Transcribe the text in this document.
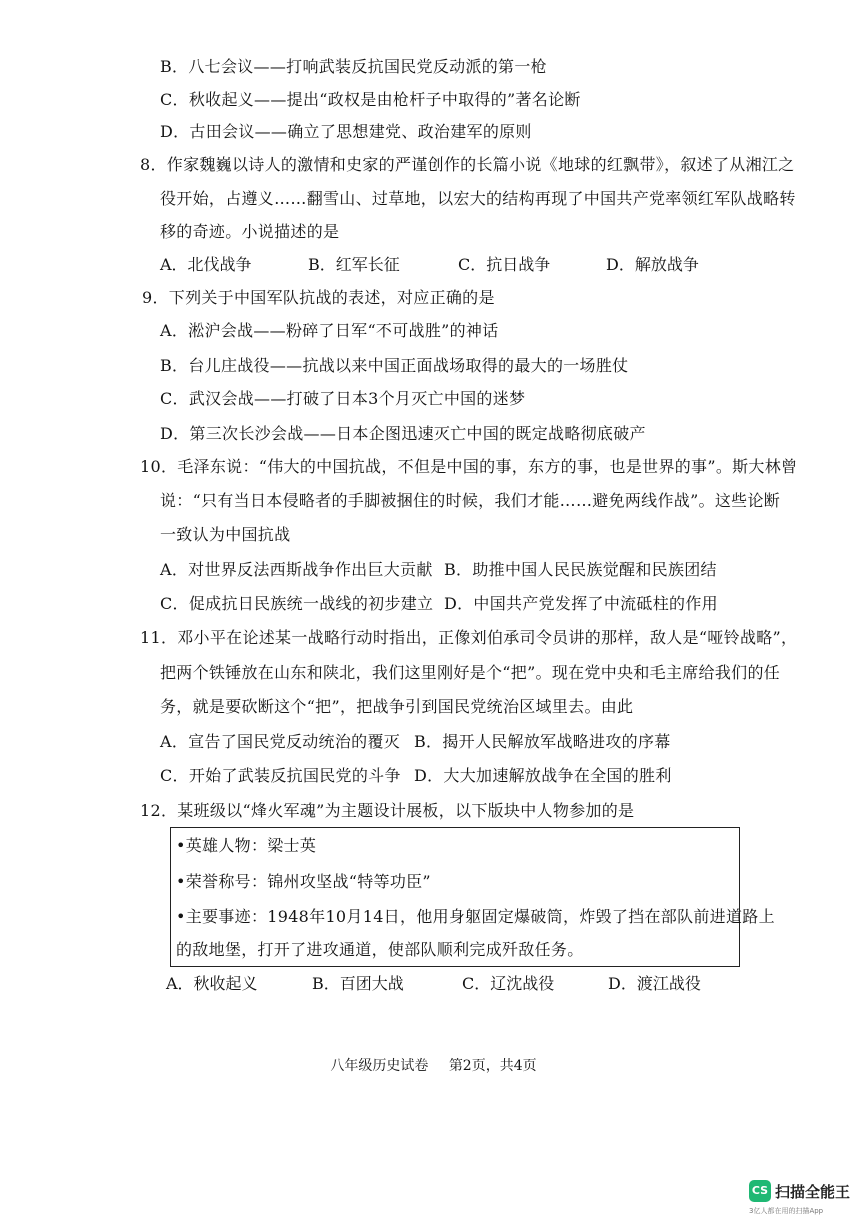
B．八七会议——打响武装反抗国民党反动派的第一枪
C．秋收起义——提出“政权是由枪杆子中取得的”著名论断
D．古田会议——确立了思想建党、政治建军的原则
8．作家魏巍以诗人的激情和史家的严谨创作的长篇小说《地球的红飘带》，叙述了从湘江之
役开始，占遵义……翻雪山、过草地，以宏大的结构再现了中国共产党率领红军队战略转
移的奇迹。小说描述的是
A．北伐战争	B．红军长征	C．抗日战争	D．解放战争
9．下列关于中国军队抗战的表述，对应正确的是
A．淞沪会战——粉碎了日军“不可战胜”的神话
B．台儿庄战役——抗战以来中国正面战场取得的最大的一场胜仗
C．武汉会战——打破了日本3个月灭亡中国的迷梦
D．第三次长沙会战——日本企图迅速灭亡中国的既定战略彻底破产
10．毛泽东说：“伟大的中国抗战，不但是中国的事，东方的事，也是世界的事”。斯大林曾
说：“只有当日本侵略者的手脚被捆住的时候，我们才能……避免两线作战”。这些论断
一致认为中国抗战
A．对世界反法西斯战争作出巨大贡献 B．助推中国人民民族觉醒和民族团结
C．促成抗日民族统一战线的初步建立 D．中国共产党发挥了中流砥柱的作用
11．邓小平在论述某一战略行动时指出，正像刘伯承司令员讲的那样，敌人是“哑铃战略”，
把两个铁锤放在山东和陕北，我们这里刚好是个“把”。现在党中央和毛主席给我们的任
务，就是要砍断这个“把”，把战争引到国民党统治区域里去。由此
A．宣告了国民党反动统治的覆灭 B．揭开人民解放军战略进攻的序幕
C．开始了武装反抗国民党的斗争 D．大大加速解放战争在全国的胜利
12．某班级以“烽火军魂”为主题设计展板，以下版块中人物参加的是
•英雄人物：梁士英
•荣誉称号：锦州攻坚战“特等功臣”
•主要事迹：1948年10月14日，他用身躯固定爆破筒，炸毁了挡在部队前进道路上
的敌地堡，打开了进攻通道，使部队顺利完成歼敌任务。
A．秋收起义	B．百团大战	C．辽沈战役	D．渡江战役
八年级历史试卷 第2页，共4页
CS 扫描全能王
3亿人都在用的扫描App
